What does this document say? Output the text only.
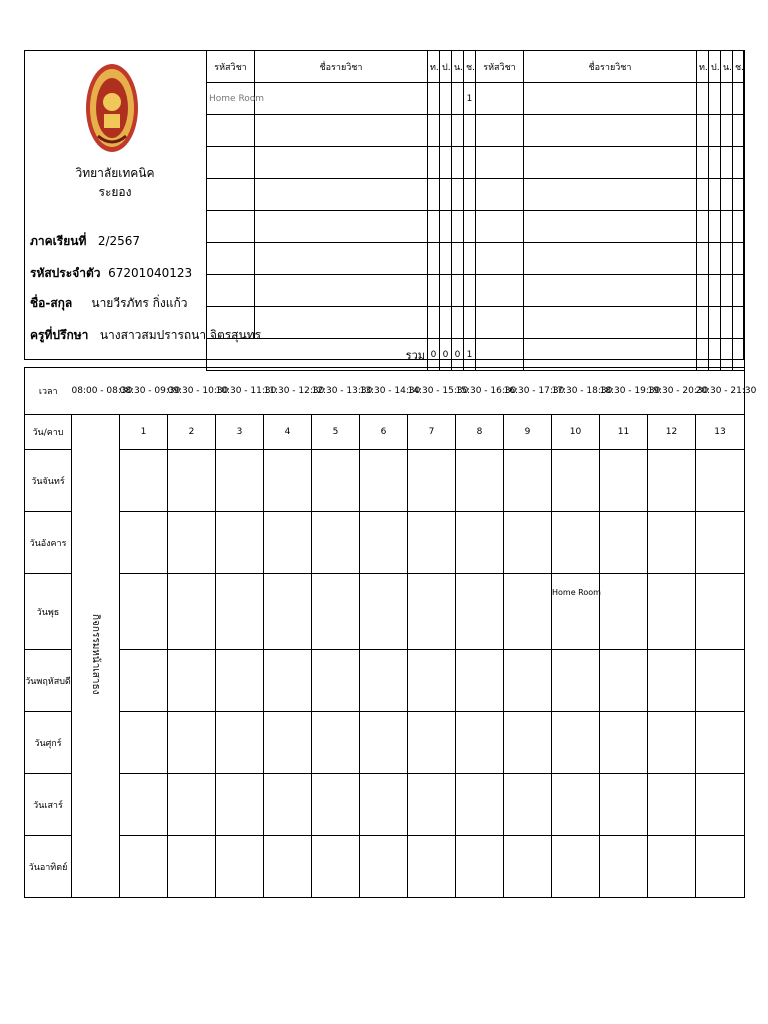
วิทยาลัยเทคนิคระยอง
ภาคเรียนที่ 2/2567
รหัสประจำตัว 67201040123
ชื่อ-สกุล นายวีรภัทร กิ่งแก้ว
ครูที่ปรึกษา นางสาวสมปรารถนา จิตรสุนทร
รหัสวิชา	ชื่อรายวิชา	ท.	ป.	น.	ช.	รหัสวิชา	ชื่อรายวิชา	ท.	ป.	น.	ช.
Home Room					1						

	รวม	0	0	0	1						
เวลา	08:00 - 08:30	08:30 - 09:30	09:30 - 10:30	10:30 - 11:30	11:30 - 12:30	12:30 - 13:30	13:30 - 14:30	14:30 - 15:30	15:30 - 16:30	16:30 - 17:30	17:30 - 18:30	18:30 - 19:30	19:30 - 20:30	20:30 - 21:30
วัน/คาบ	กิจกรรมหน้าเสาธง	1	2	3	4	5	6	7	8	9	10	11	12	13
วันจันทร์														
วันอังคาร														
วันพุธ											Home Room			
วันพฤหัสบดี														
วันศุกร์														
วันเสาร์														
วันอาทิตย์														
